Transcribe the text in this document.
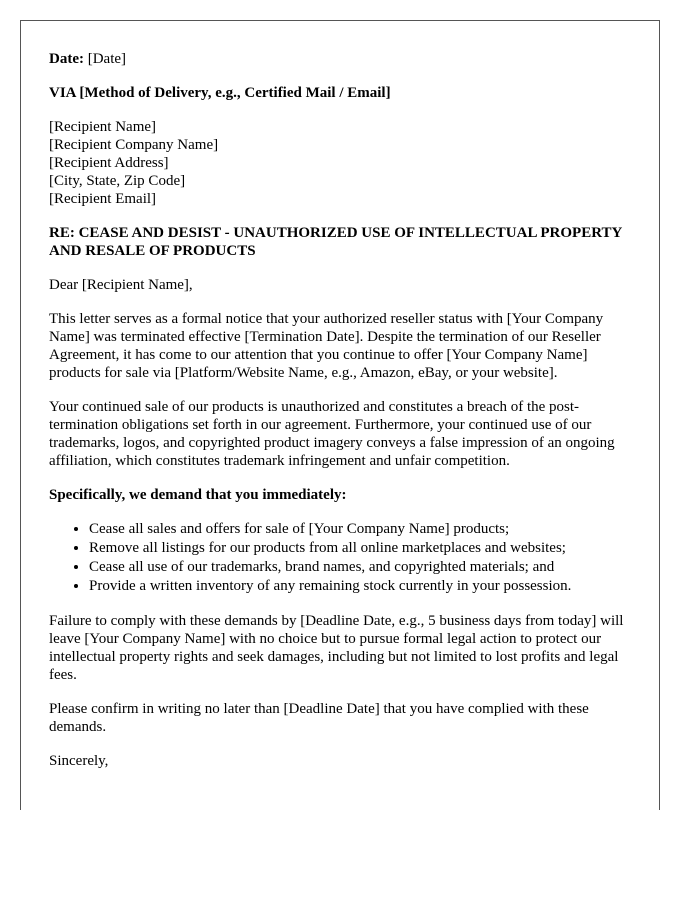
Date: [Date]

VIA [Method of Delivery, e.g., Certified Mail / Email]

[Recipient Name]
[Recipient Company Name]
[Recipient Address]
[City, State, Zip Code]
[Recipient Email]

RE: CEASE AND DESIST - UNAUTHORIZED USE OF INTELLECTUAL PROPERTY AND RESALE OF PRODUCTS

Dear [Recipient Name],

This letter serves as a formal notice that your authorized reseller status with [Your Company Name] was terminated effective [Termination Date]. Despite the termination of our Reseller Agreement, it has come to our attention that you continue to offer [Your Company Name] products for sale via [Platform/Website Name, e.g., Amazon, eBay, or your website].

Your continued sale of our products is unauthorized and constitutes a breach of the post-termination obligations set forth in our agreement. Furthermore, your continued use of our trademarks, logos, and copyrighted product imagery conveys a false impression of an ongoing affiliation, which constitutes trademark infringement and unfair competition.

Specifically, we demand that you immediately:

• Cease all sales and offers for sale of [Your Company Name] products;
• Remove all listings for our products from all online marketplaces and websites;
• Cease all use of our trademarks, brand names, and copyrighted materials; and
• Provide a written inventory of any remaining stock currently in your possession.

Failure to comply with these demands by [Deadline Date, e.g., 5 business days from today] will leave [Your Company Name] with no choice but to pursue formal legal action to protect our intellectual property rights and seek damages, including but not limited to lost profits and legal fees.

Please confirm in writing no later than [Deadline Date] that you have complied with these demands.

Sincerely,
